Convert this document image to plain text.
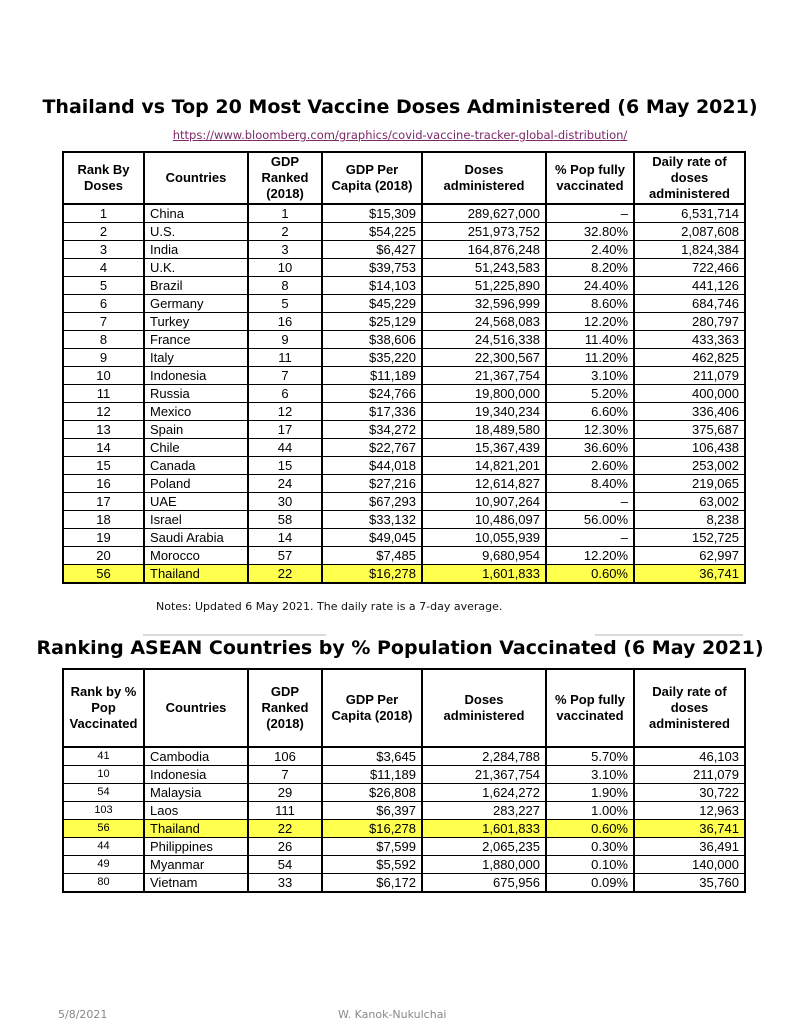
Thailand vs Top 20 Most Vaccine Doses Administered (6 May 2021)
https://www.bloomberg.com/graphics/covid-vaccine-tracker-global-distribution/
Rank By Doses	Countries	GDP Ranked (2018)	GDP Per Capita (2018)	Doses administered	% Pop fully vaccinated	Daily rate of doses administered
1	China	1	$15,309	289,627,000	–	6,531,714
2	U.S.	2	$54,225	251,973,752	32.80%	2,087,608
3	India	3	$6,427	164,876,248	2.40%	1,824,384
4	U.K.	10	$39,753	51,243,583	8.20%	722,466
5	Brazil	8	$14,103	51,225,890	24.40%	441,126
6	Germany	5	$45,229	32,596,999	8.60%	684,746
7	Turkey	16	$25,129	24,568,083	12.20%	280,797
8	France	9	$38,606	24,516,338	11.40%	433,363
9	Italy	11	$35,220	22,300,567	11.20%	462,825
10	Indonesia	7	$11,189	21,367,754	3.10%	211,079
11	Russia	6	$24,766	19,800,000	5.20%	400,000
12	Mexico	12	$17,336	19,340,234	6.60%	336,406
13	Spain	17	$34,272	18,489,580	12.30%	375,687
14	Chile	44	$22,767	15,367,439	36.60%	106,438
15	Canada	15	$44,018	14,821,201	2.60%	253,002
16	Poland	24	$27,216	12,614,827	8.40%	219,065
17	UAE	30	$67,293	10,907,264	–	63,002
18	Israel	58	$33,132	10,486,097	56.00%	8,238
19	Saudi Arabia	14	$49,045	10,055,939	–	152,725
20	Morocco	57	$7,485	9,680,954	12.20%	62,997
56	Thailand	22	$16,278	1,601,833	0.60%	36,741
Notes: Updated 6 May 2021. The daily rate is a 7-day average.
Ranking ASEAN Countries by % Population Vaccinated (6 May 2021)
Rank by % Pop Vaccinated	Countries	GDP Ranked (2018)	GDP Per Capita (2018)	Doses administered	% Pop fully vaccinated	Daily rate of doses administered
41	Cambodia	106	$3,645	2,284,788	5.70%	46,103
10	Indonesia	7	$11,189	21,367,754	3.10%	211,079
54	Malaysia	29	$26,808	1,624,272	1.90%	30,722
103	Laos	111	$6,397	283,227	1.00%	12,963
56	Thailand	22	$16,278	1,601,833	0.60%	36,741
44	Philippines	26	$7,599	2,065,235	0.30%	36,491
49	Myanmar	54	$5,592	1,880,000	0.10%	140,000
80	Vietnam	33	$6,172	675,956	0.09%	35,760
5/8/2021	W. Kanok-Nukulchai
